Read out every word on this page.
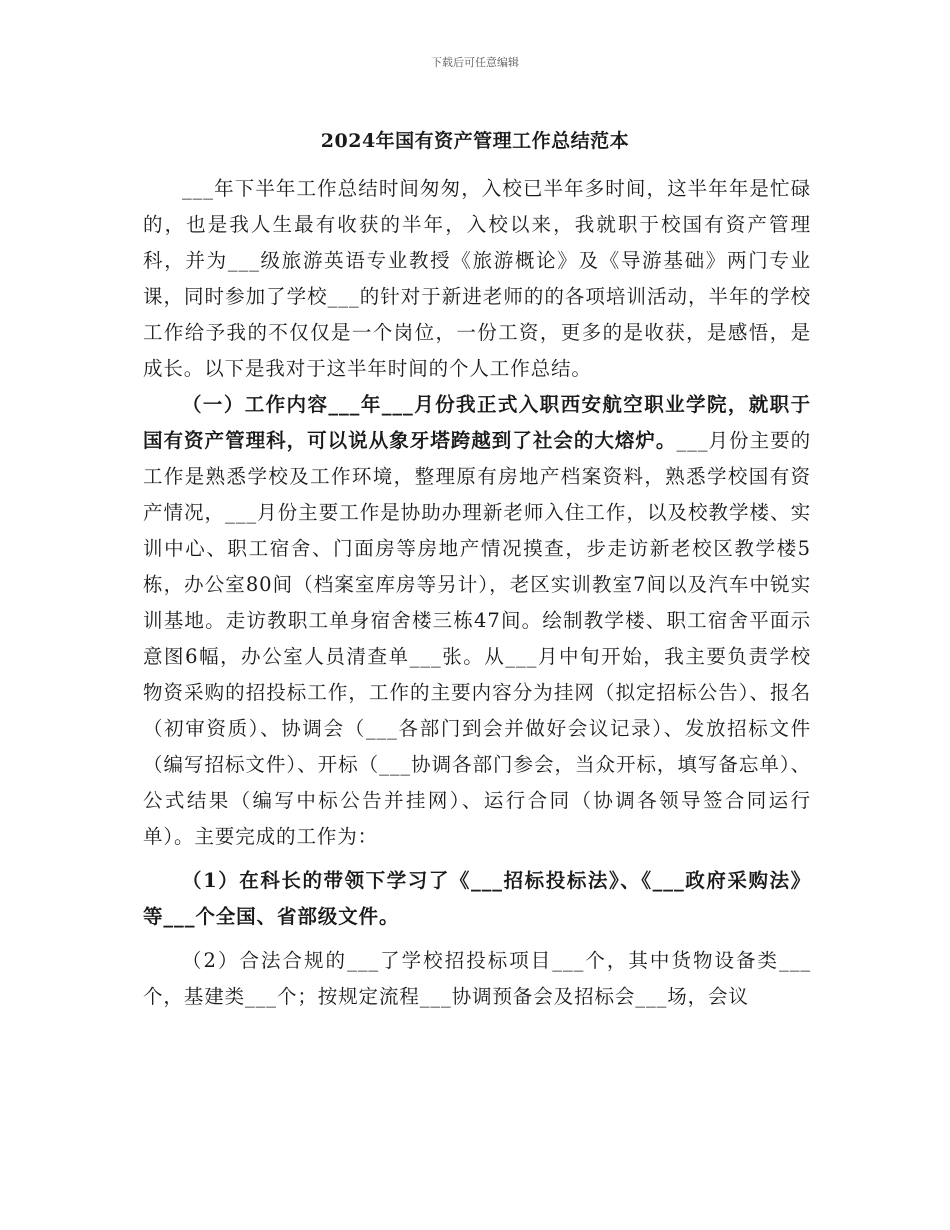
下载后可任意编辑
2024年国有资产管理工作总结范本

___年下半年工作总结时间匆匆，入校已半年多时间，这半年年是忙碌的，也是我人生最有收获的半年，入校以来，我就职于校国有资产管理科，并为___级旅游英语专业教授《旅游概论》及《导游基础》两门专业课，同时参加了学校___的针对于新进老师的的各项培训活动，半年的学校工作给予我的不仅仅是一个岗位，一份工资，更多的是收获，是感悟，是成长。以下是我对于这半年时间的个人工作总结。

（一）工作内容___年___月份我正式入职西安航空职业学院，就职于国有资产管理科，可以说从象牙塔跨越到了社会的大熔炉。___月份主要的工作是熟悉学校及工作环境，整理原有房地产档案资料，熟悉学校国有资产情况，___月份主要工作是协助办理新老师入住工作，以及校教学楼、实训中心、职工宿舍、门面房等房地产情况摸查，步走访新老校区教学楼5栋，办公室80间（档案室库房等另计），老区实训教室7间以及汽车中锐实训基地。走访教职工单身宿舍楼三栋47间。绘制教学楼、职工宿舍平面示意图6幅，办公室人员清查单___张。从___月中旬开始，我主要负责学校物资采购的招投标工作，工作的主要内容分为挂网（拟定招标公告）、报名（初审资质）、协调会（___各部门到会并做好会议记录）、发放招标文件（编写招标文件）、开标（___协调各部门参会，当众开标，填写备忘单）、公式结果（编写中标公告并挂网）、运行合同（协调各领导签合同运行单）。主要完成的工作为：

（1）在科长的带领下学习了《___招标投标法》、《___政府采购法》等___个全国、省部级文件。

（2）合法合规的___了学校招投标项目___个，其中货物设备类___个，基建类___个；按规定流程___协调预备会及招标会___场，会议
